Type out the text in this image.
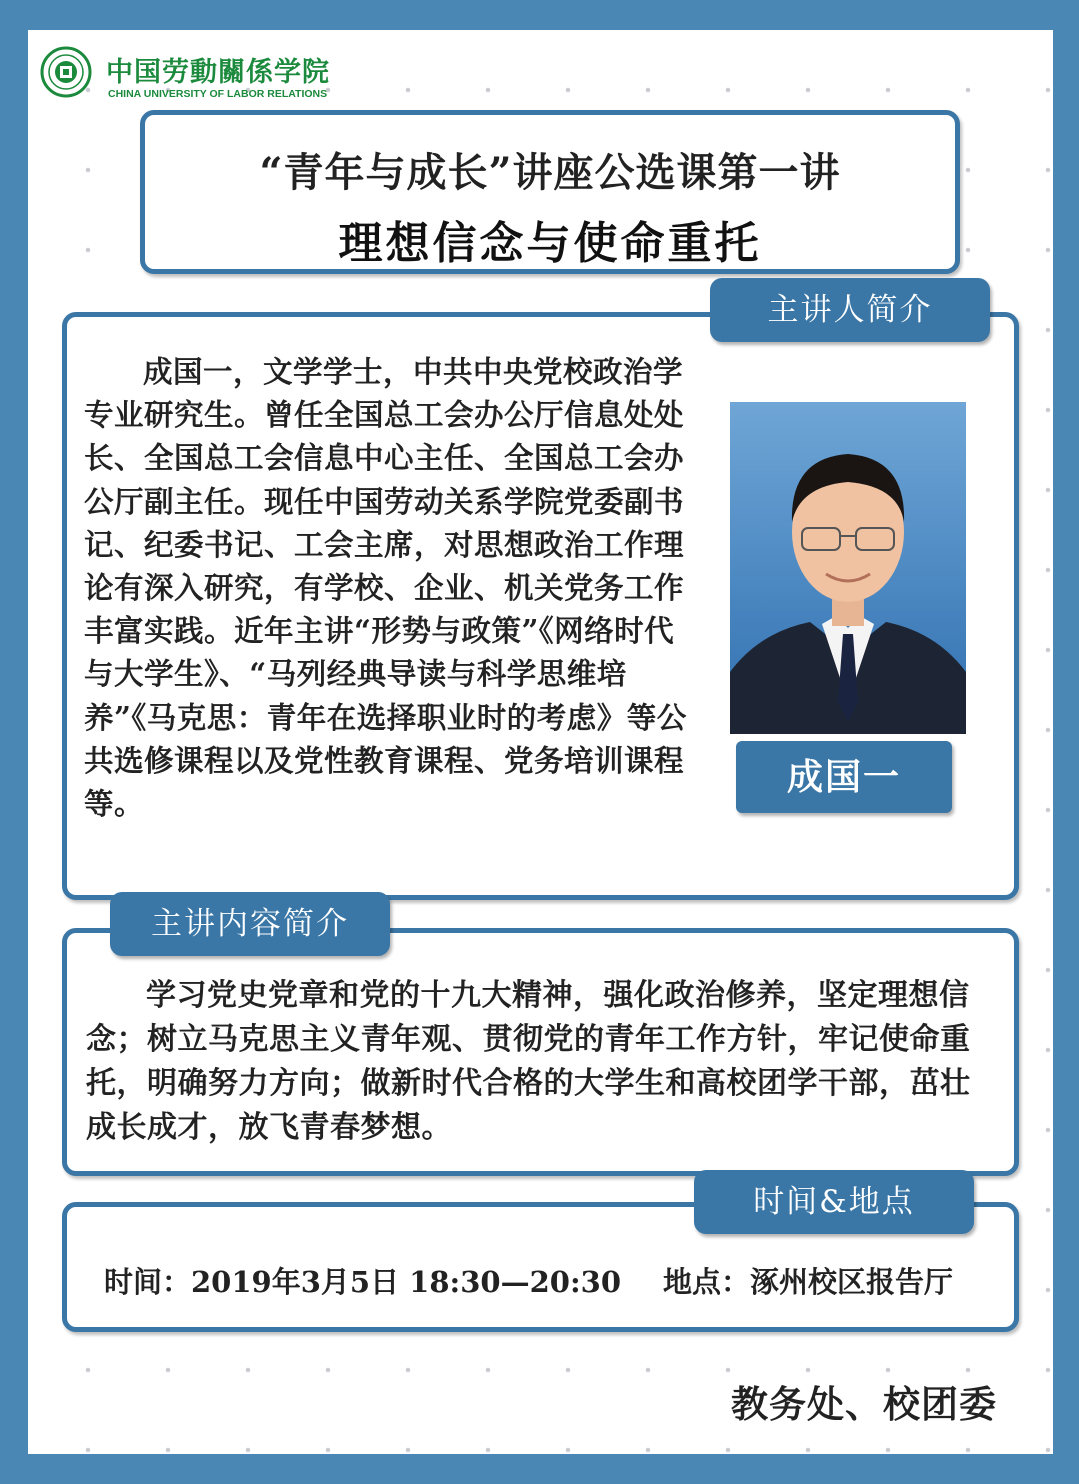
中国劳動關係学院
CHINA UNIVERSITY OF LABOR RELATIONS
“青年与成长”讲座公选课第一讲
理想信念与使命重托
主讲人简介
成国一，文学学士，中共中央党校政治学专业研究生。曾任全国总工会办公厅信息处处长、全国总工会信息中心主任、全国总工会办公厅副主任。现任中国劳动关系学院党委副书记、纪委书记、工会主席，对思想政治工作理论有深入研究，有学校、企业、机关党务工作丰富实践。近年主讲“形势与政策”《网络时代与大学生》、“马列经典导读与科学思维培养”《马克思：青年在选择职业时的考虑》等公共选修课程以及党性教育课程、党务培训课程等。
成国一
主讲内容简介
学习党史党章和党的十九大精神，强化政治修养，坚定理想信念；树立马克思主义青年观、贯彻党的青年工作方针，牢记使命重托，明确努力方向；做新时代合格的大学生和高校团学干部，茁壮成长成才，放飞青春梦想。
时间&地点
时间：2019年3月5日 18:30—20:30 地点：涿州校区报告厅
教务处、校团委
